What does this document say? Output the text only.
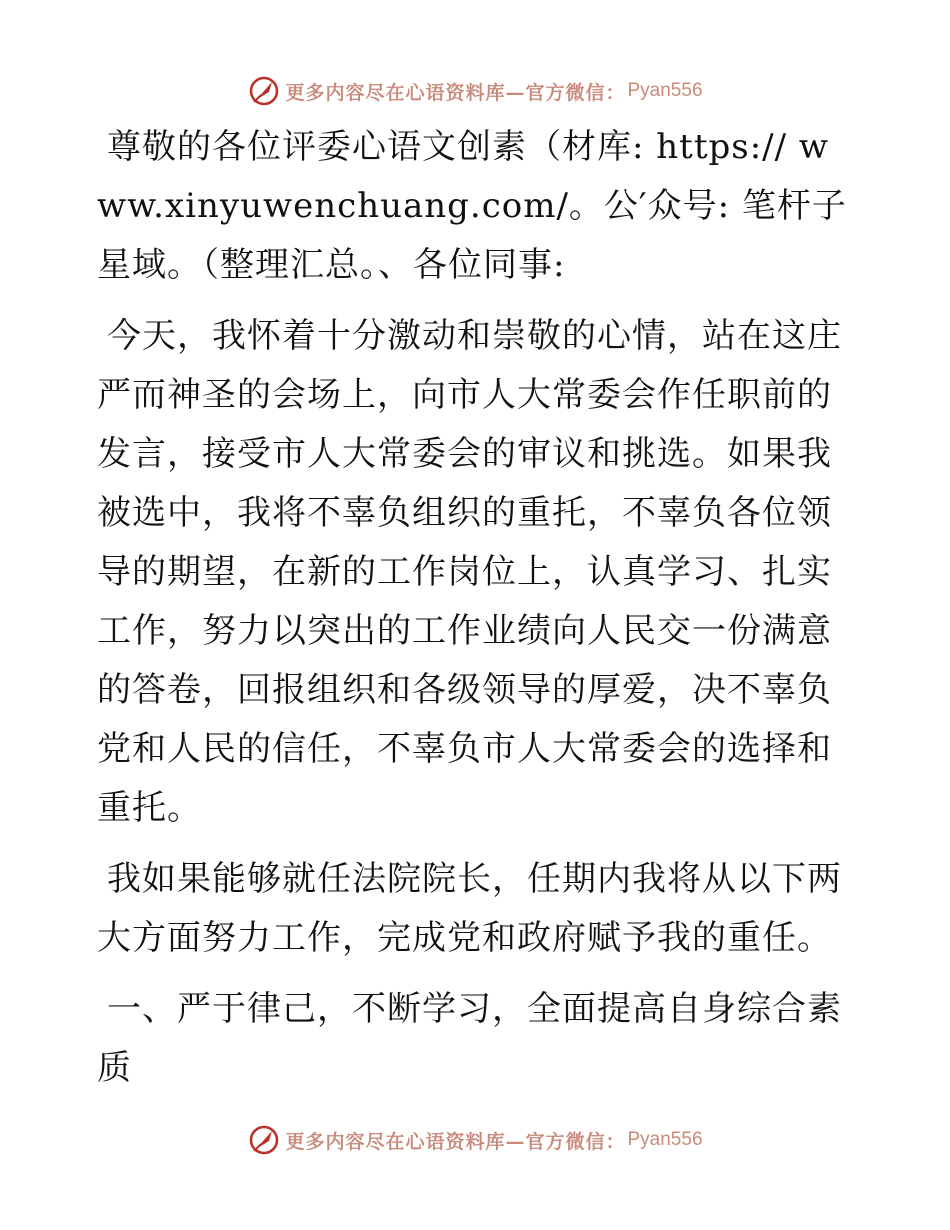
更多内容尽在心语资料库—官方微信： Pyan556

尊敬的各位评委心语文创素（材库: https:// www.xinyuwenchuang.com/。公′众号: 笔杆子星域。（整理汇总。、各位同事:

今天，我怀着十分激动和崇敬的心情，站在这庄严而神圣的会场上，向市人大常委会作任职前的发言，接受市人大常委会的审议和挑选。如果我被选中，我将不辜负组织的重托，不辜负各位领导的期望，在新的工作岗位上，认真学习、扎实工作，努力以突出的工作业绩向人民交一份满意的答卷，回报组织和各级领导的厚爱，决不辜负党和人民的信任，不辜负市人大常委会的选择和重托。

我如果能够就任法院院长，任期内我将从以下两大方面努力工作，完成党和政府赋予我的重任。

一、严于律己，不断学习，全面提高自身综合素质

更多内容尽在心语资料库—官方微信： Pyan556
